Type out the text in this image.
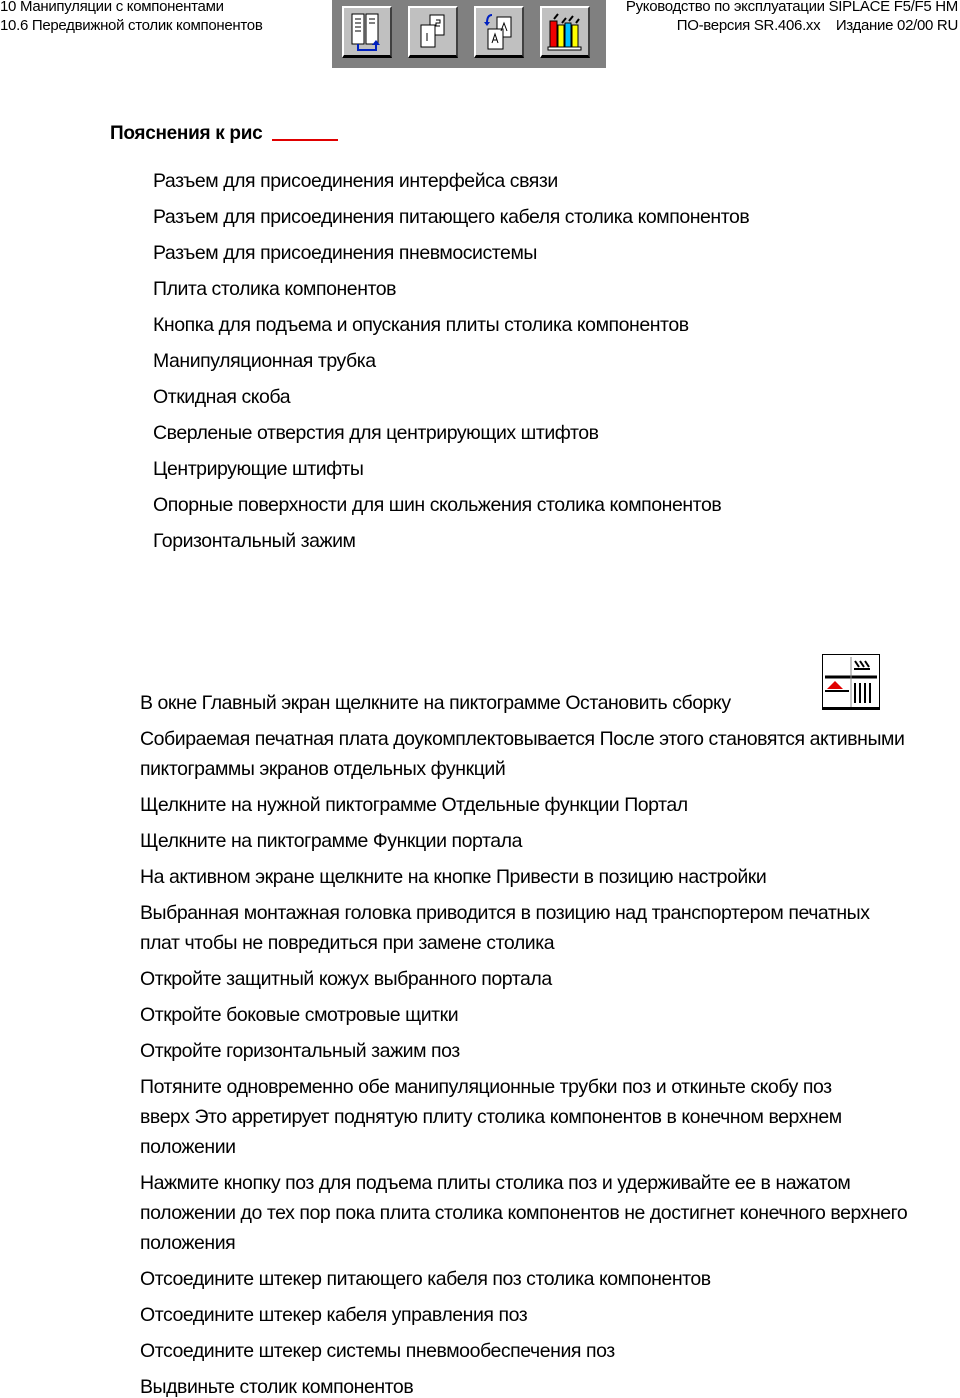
10 Манипуляции с компонентами
10.6 Передвижной столик компонентов
Руководство по эксплуатации SIPLACE F5/F5 HM
ПО-версия SR.406.xx Издание 02/00 RU
Пояснения к рис
Разъем для присоединения интерфейса связи
Разъем для присоединения питающего кабеля столика компонентов
Разъем для присоединения пневмосистемы
Плита столика компонентов
Кнопка для подъема и опускания плиты столика компонентов
Манипуляционная трубка
Откидная скоба
Сверленые отверстия для центрирующих штифтов
Центрирующие штифты
Опорные поверхности для шин скольжения столика компонентов
Горизонтальный зажим
В окне Главный экран щелкните на пиктограмме Остановить сборку
Собираемая печатная плата доукомплектовывается После этого становятся активными
пиктограммы экранов отдельных функций
Щелкните на нужной пиктограмме Отдельные функции Портал
Щелкните на пиктограмме Функции портала
На активном экране щелкните на кнопке Привести в позицию настройки
Выбранная монтажная головка приводится в позицию над транспортером печатных
плат чтобы не повредиться при замене столика
Откройте защитный кожух выбранного портала
Откройте боковые смотровые щитки
Откройте горизонтальный зажим поз
Потяните одновременно обе манипуляционные трубки поз и откиньте скобу поз
вверх Это арретирует поднятую плиту столика компонентов в конечном верхнем
положении
Нажмите кнопку поз для подъема плиты столика поз и удерживайте ее в нажатом
положении до тех пор пока плита столика компонентов не достигнет конечного верхнего
положения
Отсоедините штекер питающего кабеля поз столика компонентов
Отсоедините штекер кабеля управления поз
Отсоедините штекер системы пневмообеспечения поз
Выдвиньте столик компонентов
